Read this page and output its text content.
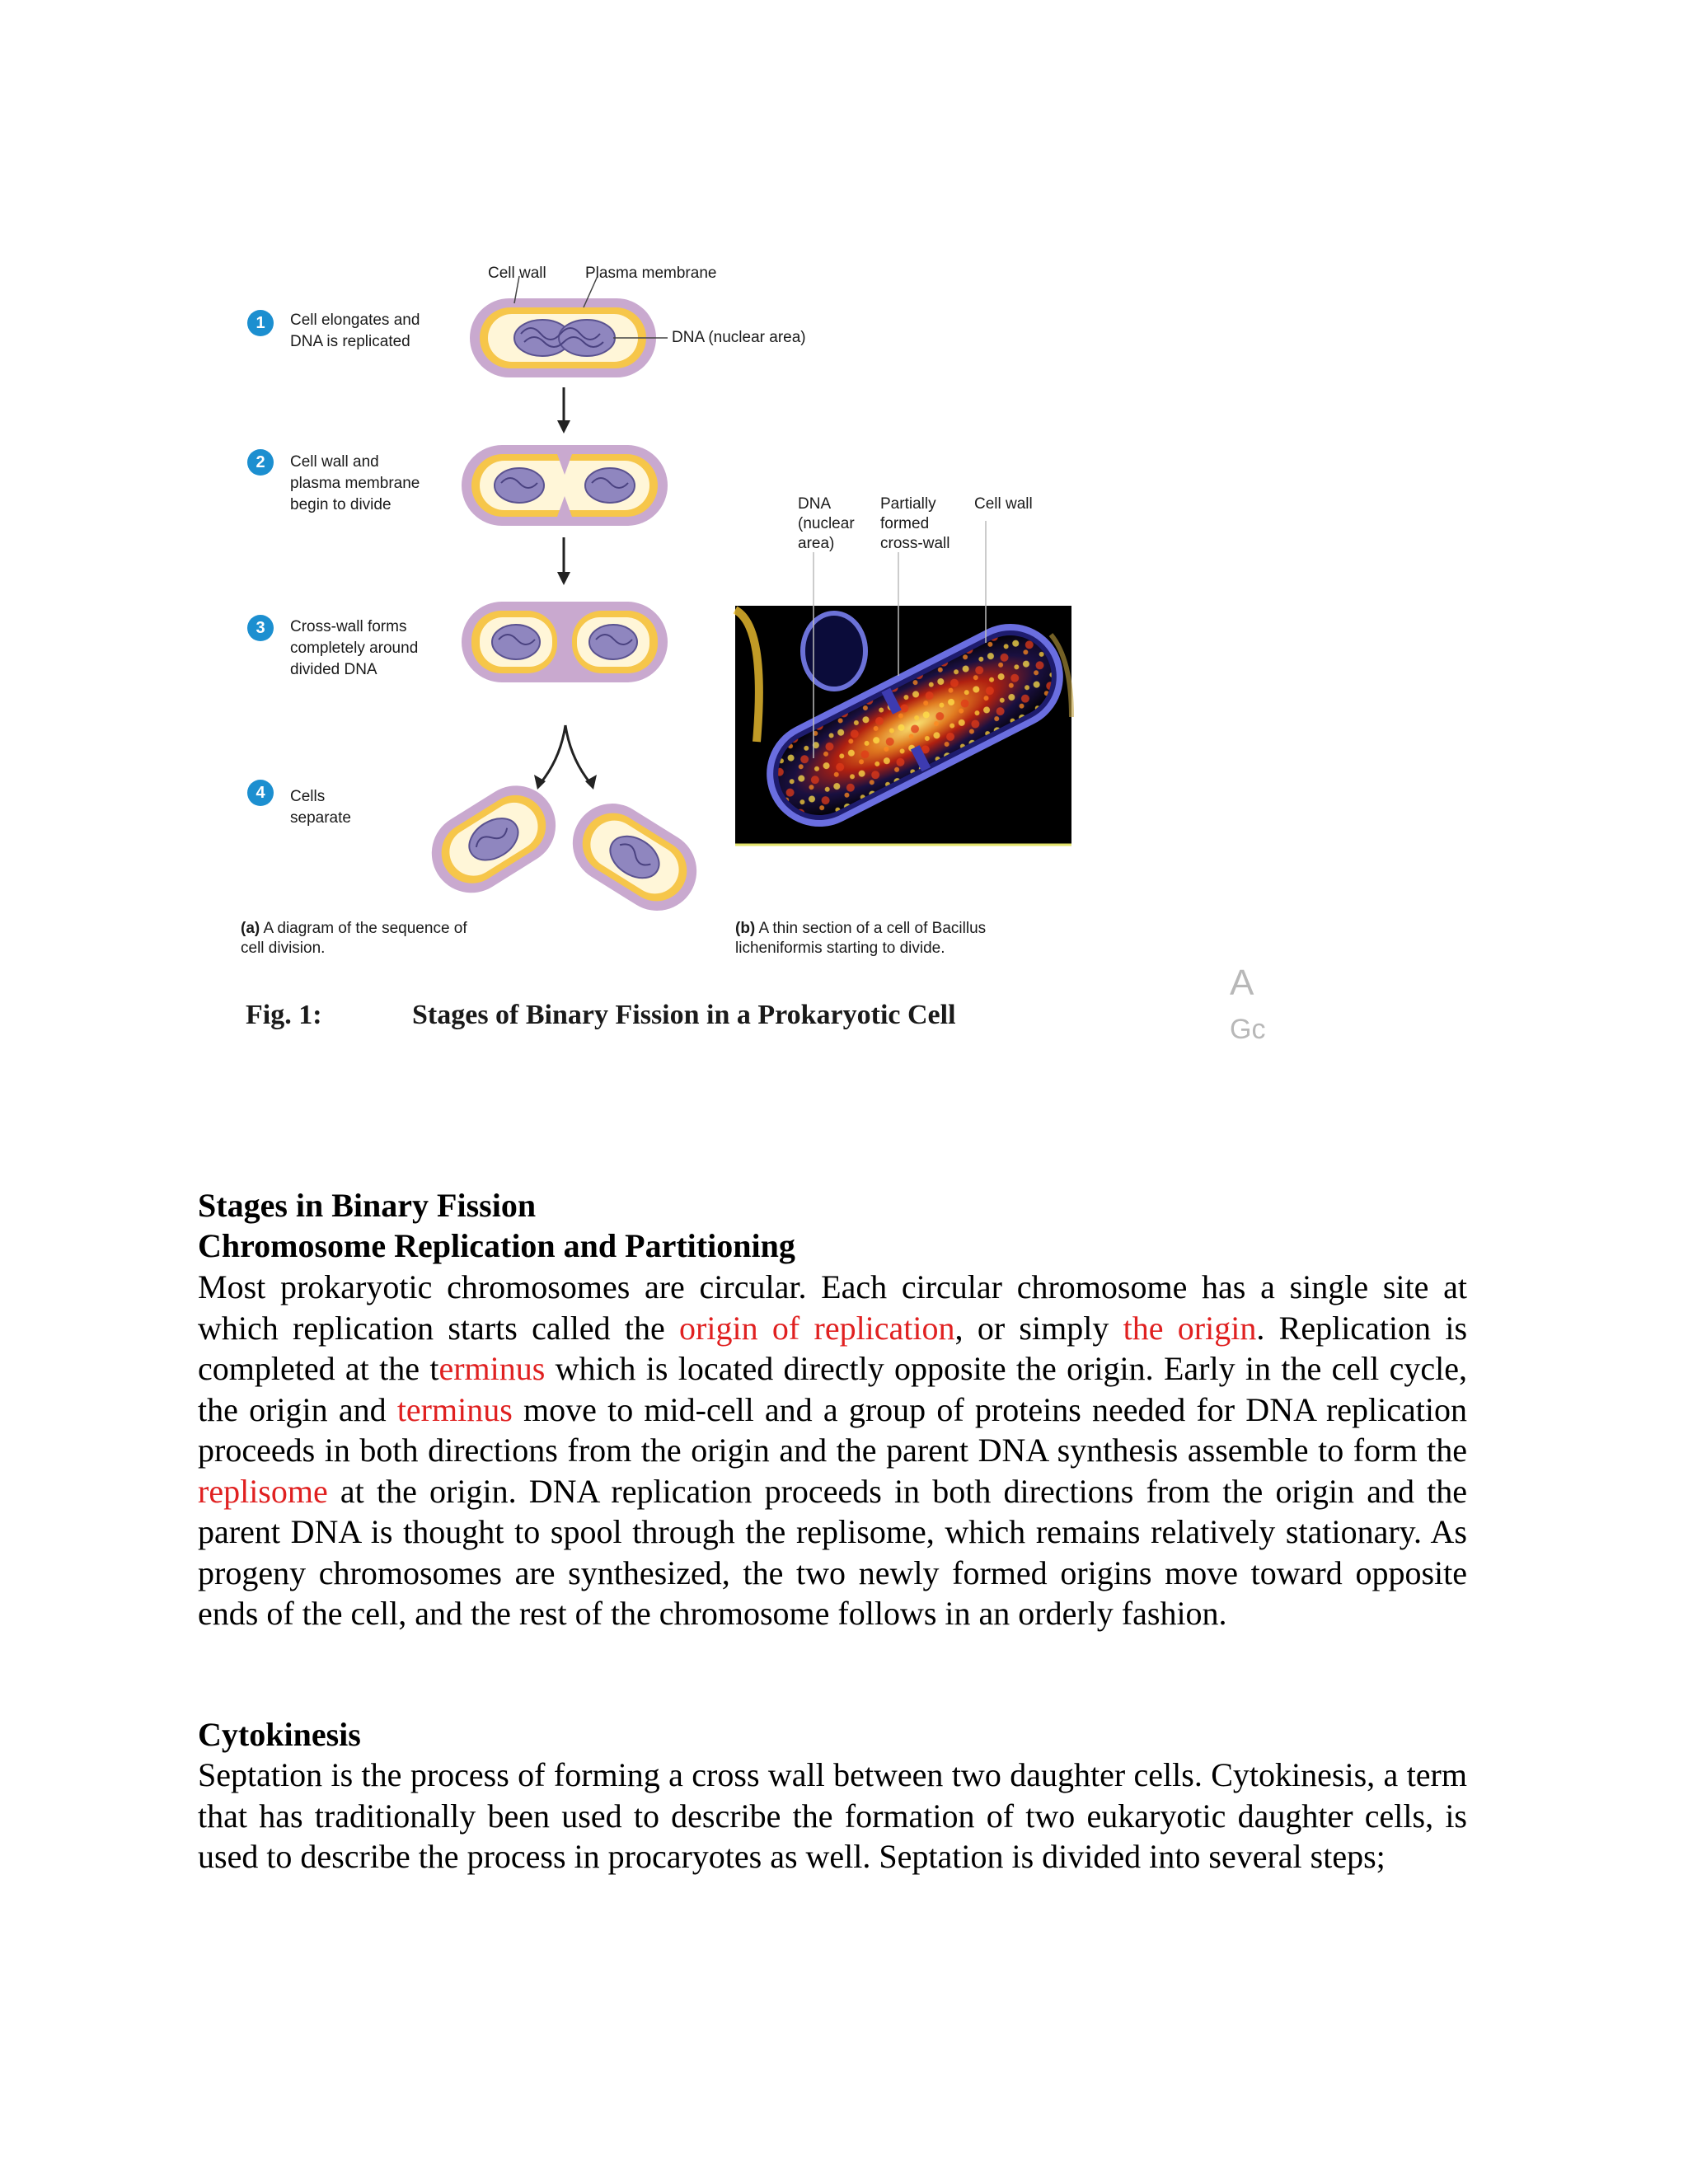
Cell wall Plasma membrane
DNA (nuclear area)
1	Cell elongates and DNA is replicated
2	Cell wall and plasma membrane begin to divide
3	Cross-wall forms completely around divided DNA
4	Cells separate
DNA (nuclear area)
Partially formed cross-wall
Cell wall
(a) A diagram of the sequence of cell division.
(b) A thin section of a cell of Bacillus licheniformis starting to divide.
Fig. 1:	Stages of Binary Fission in a Prokaryotic Cell
A
Gc
Stages in Binary Fission
Chromosome Replication and Partitioning
Most prokaryotic chromosomes are circular. Each circular chromosome has a single site at which replication starts called the origin of replication, or simply the origin. Replication is completed at the terminus which is located directly opposite the origin. Early in the cell cycle, the origin and terminus move to mid-cell and a group of proteins needed for DNA replication proceeds in both directions from the origin and the parent DNA synthesis assemble to form the replisome at the origin. DNA replication proceeds in both directions from the origin and the parent DNA is thought to spool through the replisome, which remains relatively stationary. As progeny chromosomes are synthesized, the two newly formed origins move toward opposite ends of the cell, and the rest of the chromosome follows in an orderly fashion.
Cytokinesis
Septation is the process of forming a cross wall between two daughter cells. Cytokinesis, a term that has traditionally been used to describe the formation of two eukaryotic daughter cells, is used to describe the process in procaryotes as well. Septation is divided into several steps;
